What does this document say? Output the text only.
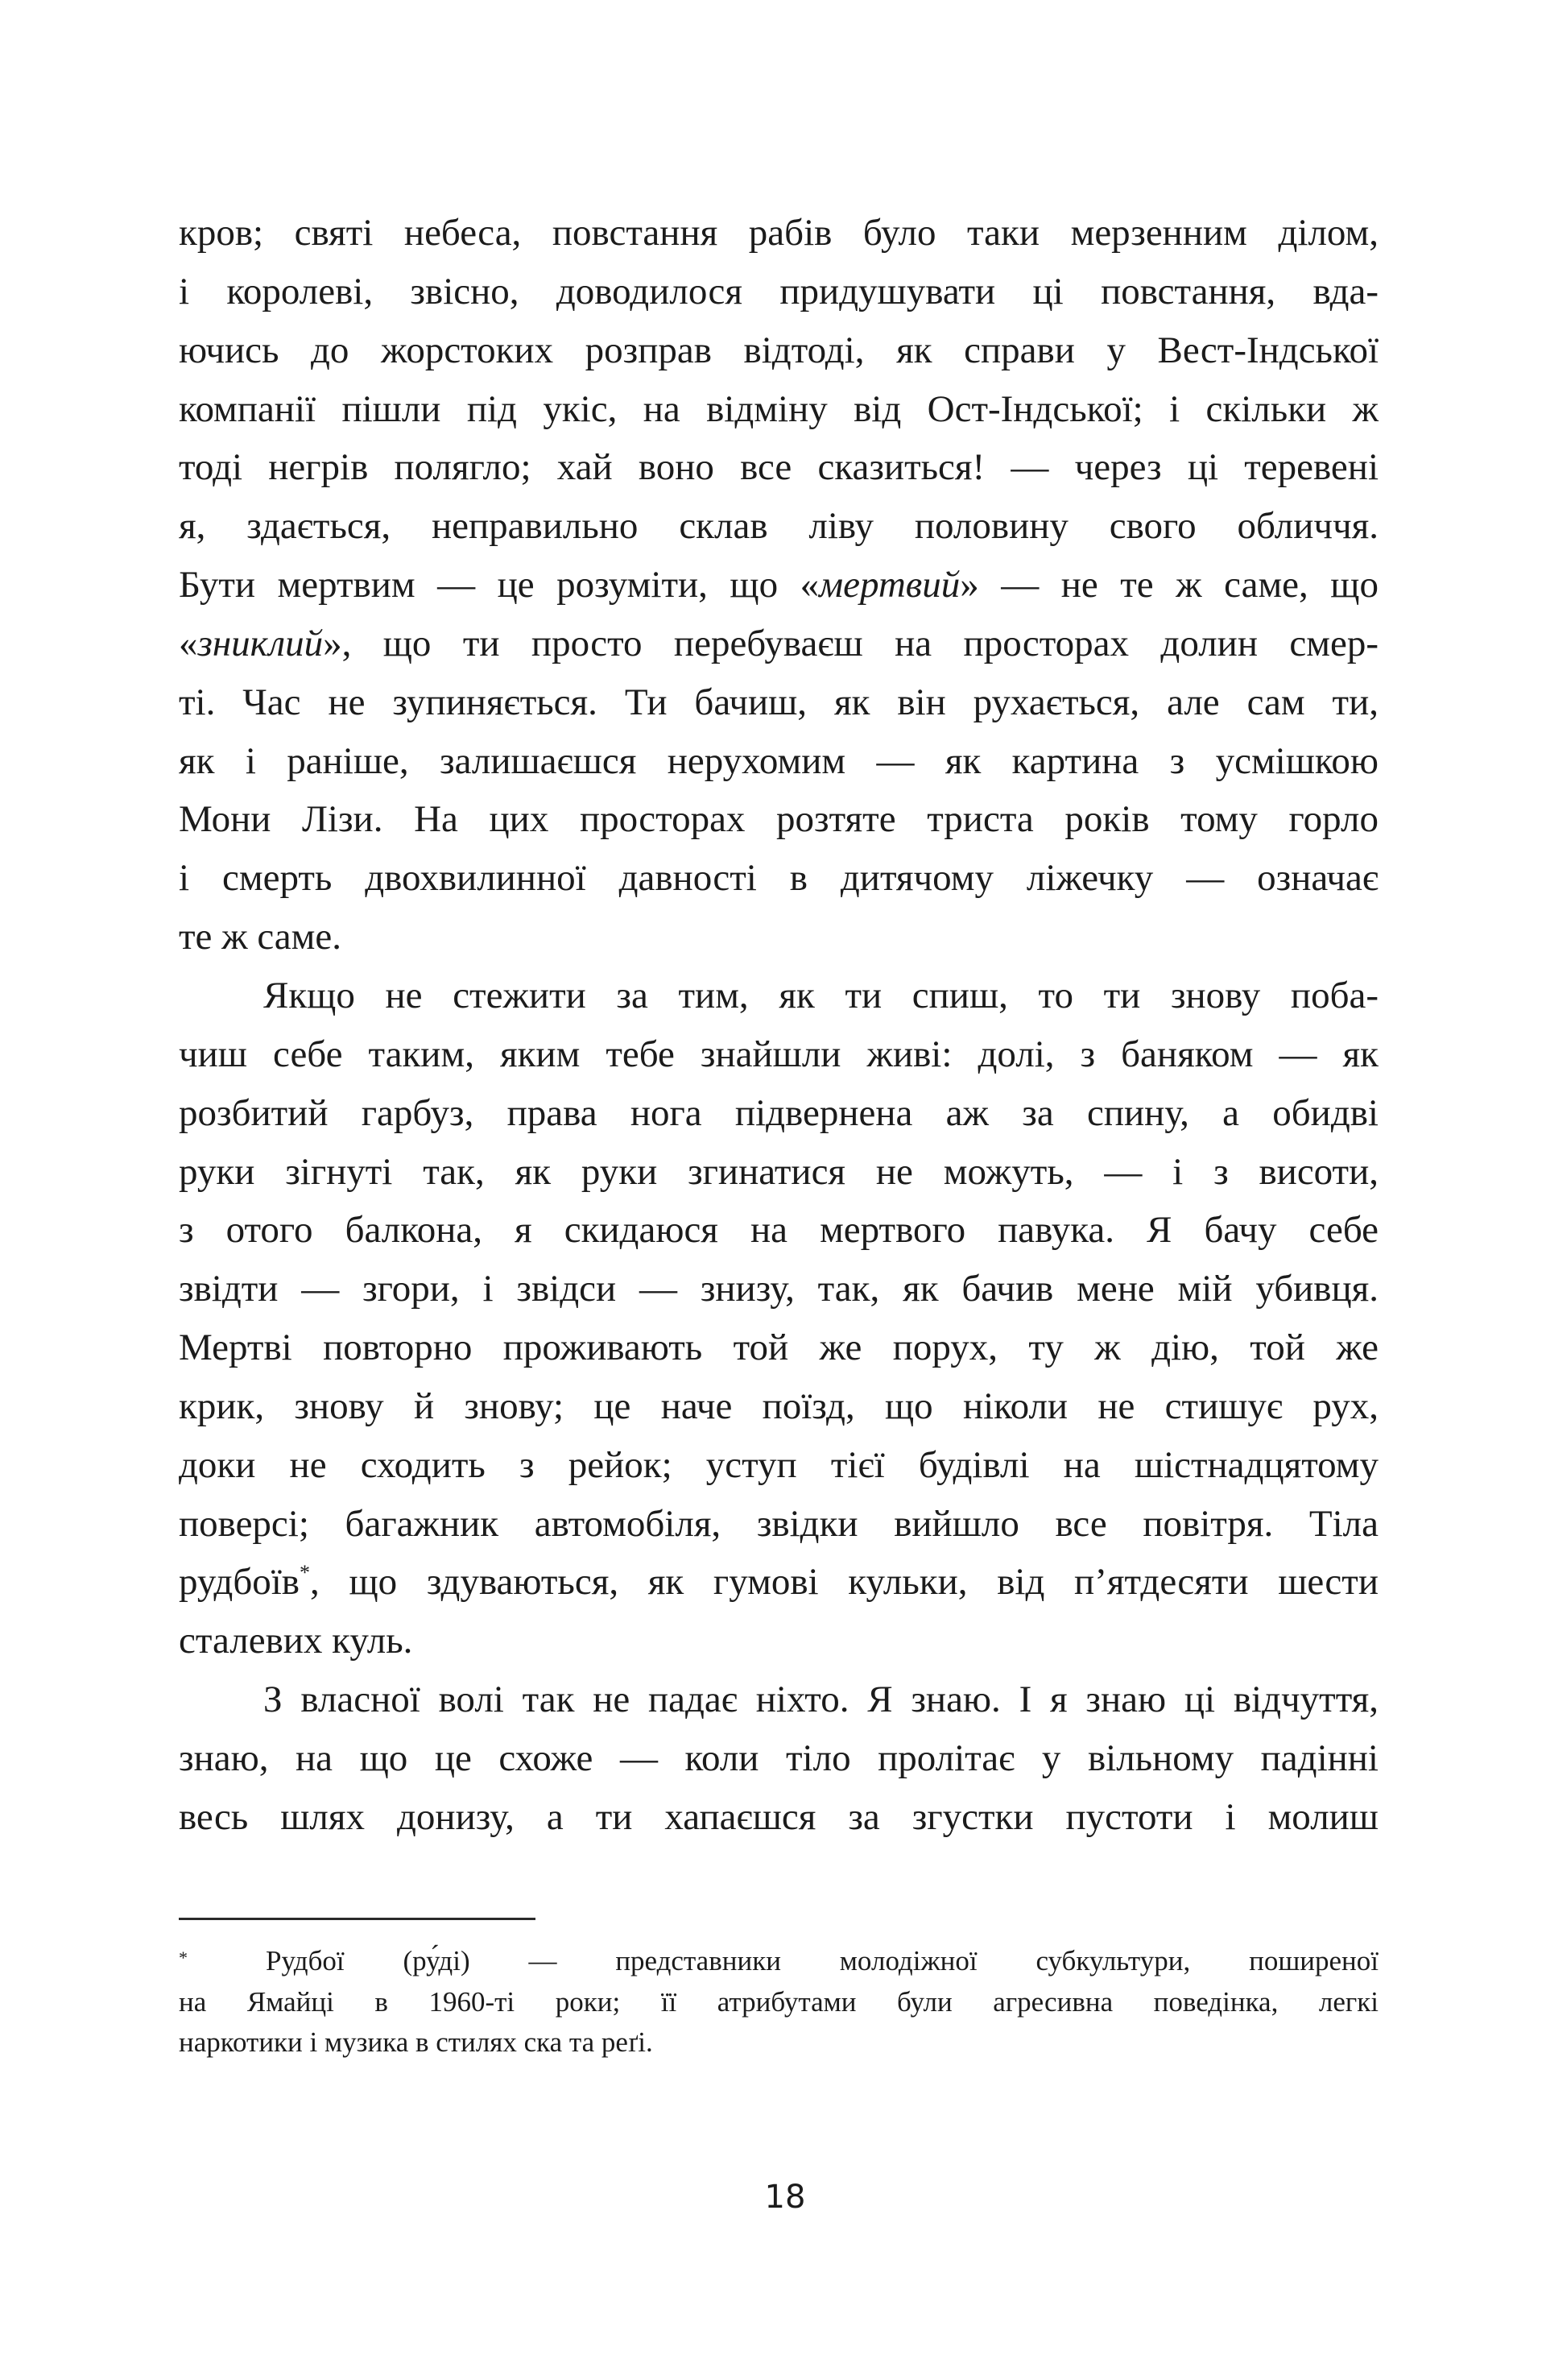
кров; святі небеса, повстання рабів було таки мерзенним ділом,
і королеві, звісно, доводилося придушувати ці повстання, вда-
ючись до жорстоких розправ відтоді, як справи у Вест-Індської
компанії пішли під укіс, на відміну від Ост-Індської; і скільки ж
тоді негрів полягло; хай воно все сказиться! — через ці теревені
я, здається, неправильно склав ліву половину свого обличчя.
Бути мертвим — це розуміти, що «мертвий» — не те ж саме, що
«зниклий», що ти просто перебуваєш на просторах долин смер-
ті. Час не зупиняється. Ти бачиш, як він рухається, але сам ти,
як і раніше, залишаєшся нерухомим — як картина з усмішкою
Мони Лізи. На цих просторах розтяте триста років тому горло
і смерть двохвилинної давності в дитячому ліжечку — означає
те ж саме.
Якщо не стежити за тим, як ти спиш, то ти знову поба-
чиш себе таким, яким тебе знайшли живі: долі, з баняком — як
розбитий гарбуз, права нога підвернена аж за спину, а обидві
руки зігнуті так, як руки згинатися не можуть, — і з висоти,
з отого балкона, я скидаюся на мертвого павука. Я бачу себе
звідти — згори, і звідси — знизу, так, як бачив мене мій убивця.
Мертві повторно проживають той же порух, ту ж дію, той же
крик, знову й знову; це наче поїзд, що ніколи не стишує рух,
доки не сходить з рейок; уступ тієї будівлі на шістнадцятому
поверсі; багажник автомобіля, звідки вийшло все повітря. Тіла
рудбоїв*, що здуваються, як гумові кульки, від п’ятдесяти шести
сталевих куль.
З власної волі так не падає ніхто. Я знаю. І я знаю ці відчуття,
знаю, на що це схоже — коли тіло пролітає у вільному падінні
весь шлях донизу, а ти хапаєшся за згустки пустоти і молиш
*	Рудбої (ру́ді) — представники молодіжної субкультури, поширеної
на Ямайці в 1960-ті роки; її атрибутами були агресивна поведінка, легкі
наркотики і музика в стилях ска та реґі.
18
